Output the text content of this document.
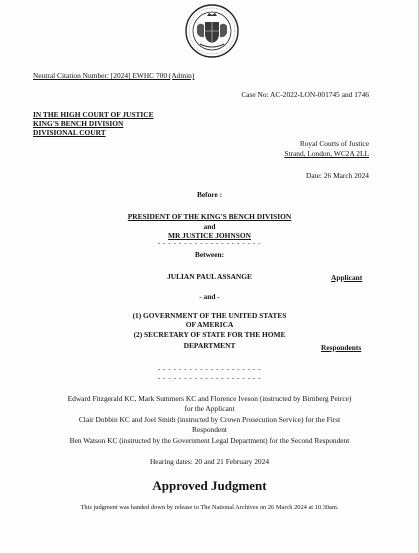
Neutral Citation Number: [2024] EWHC 700 (Admin)
Case No: AC-2022-LON-001745 and 1746
IN THE HIGH COURT OF JUSTICE
KING'S BENCH DIVISION
DIVISIONAL COURT
Royal Courts of Justice
Strand, London, WC2A 2LL
Date: 26 March 2024
Before :
PRESIDENT OF THE KING'S BENCH DIVISION
and
MR JUSTICE JOHNSON
- - - - - - - - - - - - - - - - - - - -
Between:
JULIAN PAUL ASSANGE	Applicant
- and -
(1) GOVERNMENT OF THE UNITED STATES
OF AMERICA
(2) SECRETARY OF STATE FOR THE HOME
DEPARTMENT	Respondents
- - - - - - - - - - - - - - - - - - - -
- - - - - - - - - - - - - - - - - - - -
Edward Fitzgerald KC, Mark Summers KC and Florence Iveson (instructed by Birnberg Peirce)
for the Applicant
Clair Dobbin KC and Joel Smith (instructed by Crown Prosecution Service) for the First
Respondent
Ben Watson KC (instructed by the Government Legal Department) for the Second Respondent
Hearing dates: 20 and 21 February 2024
Approved Judgment
This judgment was handed down by release to The National Archives on 26 March 2024 at 10.30am.
